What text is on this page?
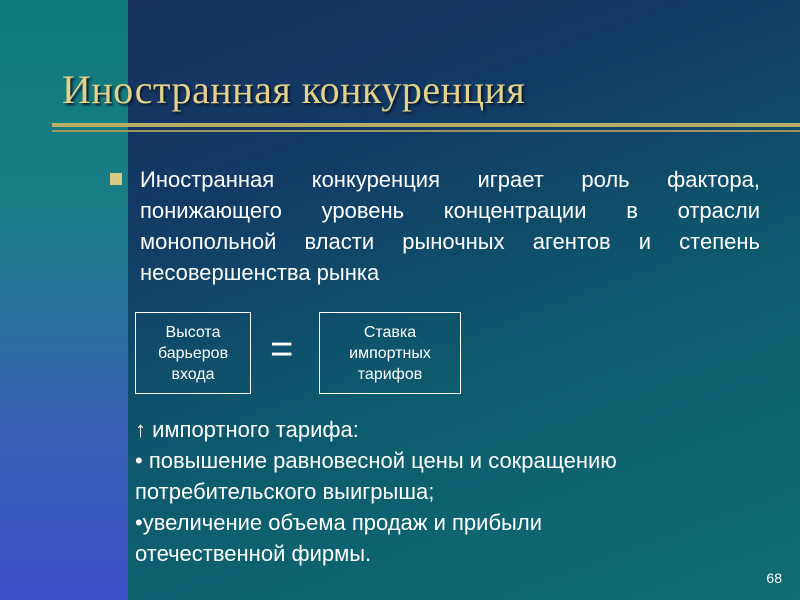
Иностранная конкуренция

Иностранная конкуренция играет роль фактора, понижающего уровень концентрации в отрасли монопольной власти рыночных агентов и степень несовершенства рынка

Высота
барьеров
входа
=	Ставка
импортных
тарифов
↑ импортного тарифа:
• повышение равновесной цены и сокращению
потребительского выигрыша;
•увеличение объема продаж и прибыли
отечественной фирмы.
68
